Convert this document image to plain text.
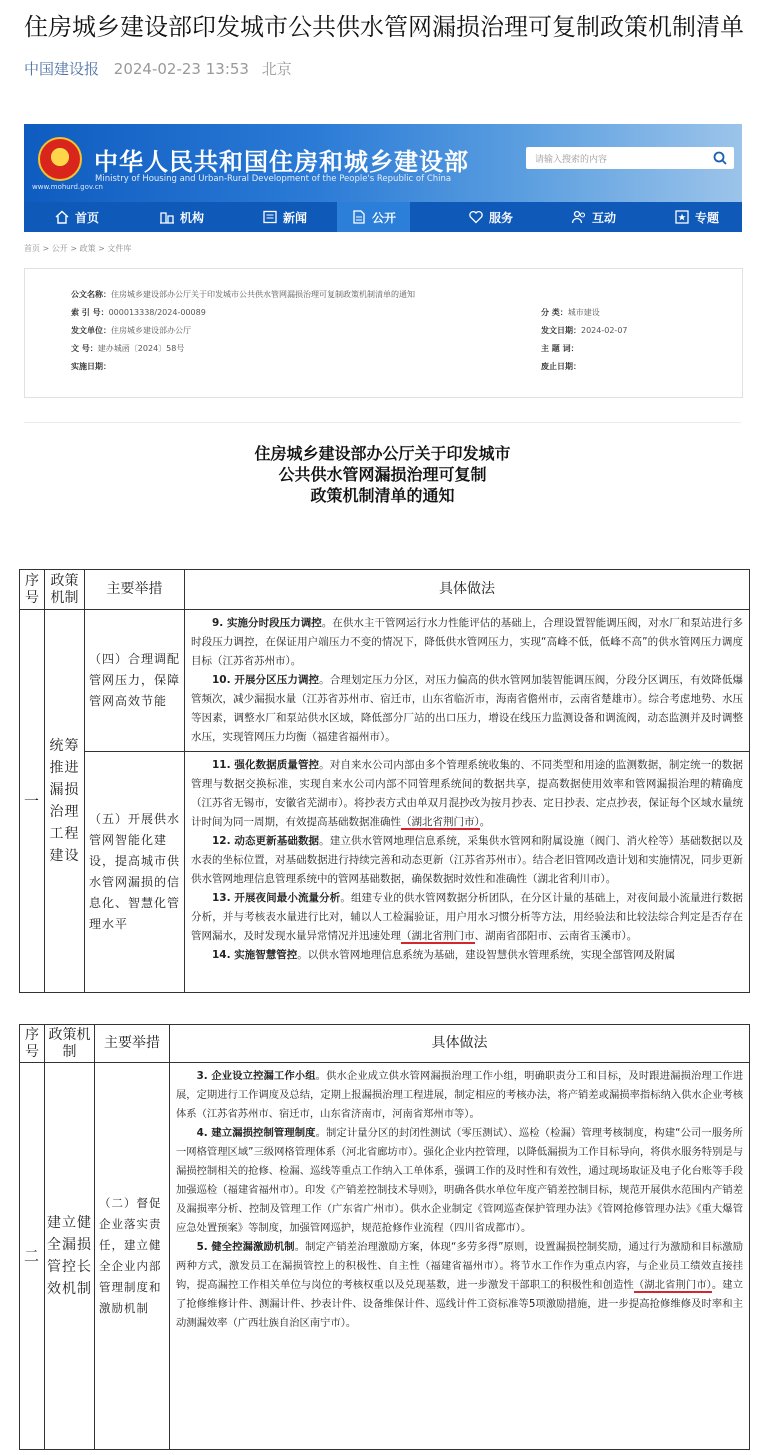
住房城乡建设部印发城市公共供水管网漏损治理可复制政策机制清单
中国建设报 2024-02-23 13:53 北京
www.mohurd.gov.cn
中华人民共和国住房和城乡建设部
Ministry of Housing and Urban-Rural Development of the People's Republic of China
请输入搜索的内容
首页	机构	新闻	公开	服务	互动	专题
首页 > 公开 > 政策 > 文件库
公文名称：住房城乡建设部办公厅关于印发城市公共供水管网漏损治理可复制政策机制清单的通知
索 引 号：000013338/2024-00089
发文单位：住房城乡建设部办公厅
文 号：建办城函〔2024〕58号
实施日期：
分 类：城市建设
发文日期：2024-02-07
主 题 词：
废止日期：
住房城乡建设部办公厅关于印发城市
公共供水管网漏损治理可复制
政策机制清单的通知
序号	政策机制	主要举措	具体做法
一	统筹推进漏损治理工程建设	（四）合理调配管网压力，保障管网高效节能	9. 实施分时段压力调控。在供水主干管网运行水力性能评估的基础上，合理设置智能调压阀，对水厂和泵站进行多时段压力调控，在保证用户端压力不变的情况下，降低供水管网压力，实现“高峰不低，低峰不高”的供水管网压力调度目标（江苏省苏州市）。

10. 开展分区压力调控。合理划定压力分区，对压力偏高的供水管网加装智能调压阀，分段分区调压，有效降低爆管频次，减少漏损水量（江苏省苏州市、宿迁市，山东省临沂市，海南省儋州市，云南省楚雄市）。综合考虑地势、水压等因素，调整水厂和泵站供水区域，降低部分厂站的出口压力，增设在线压力监测设备和调流阀，动态监测并及时调整水压，实现管网压力均衡（福建省福州市）。

		（五）开展供水管网智能化建设，提高城市供水管网漏损的信息化、智慧化管理水平	11. 强化数据质量管控。对自来水公司内部由多个管理系统收集的、不同类型和用途的监测数据，制定统一的数据管理与数据交换标准，实现自来水公司内部不同管理系统间的数据共享，提高数据使用效率和管网漏损治理的精确度（江苏省无锡市，安徽省芜湖市）。将抄表方式由单双月混抄改为按月抄表、定日抄表、定点抄表，保证每个区域水量统计时间为同一周期，有效提高基础数据准确性（湖北省荆门市）。

12. 动态更新基础数据。建立供水管网地理信息系统，采集供水管网和附属设施（阀门、消火栓等）基础数据以及水表的坐标位置，对基础数据进行持续完善和动态更新（江苏省苏州市）。结合老旧管网改造计划和实施情况，同步更新供水管网地理信息管理系统中的管网基础数据，确保数据时效性和准确性（湖北省利川市）。

13. 开展夜间最小流量分析。组建专业的供水管网数据分析团队，在分区计量的基础上，对夜间最小流量进行数据分析，并与考核表水量进行比对，辅以人工检漏验证，用户用水习惯分析等方法，用经验法和比较法综合判定是否存在管网漏水，及时发现水量异常情况并迅速处理（湖北省荆门市、湖南省邵阳市、云南省玉溪市）。

14. 实施智慧管控。以供水管网地理信息系统为基础，建设智慧供水管理系统，实现全部管网及附属

序号	政策机制	主要举措	具体做法
二	建立健全漏损管控长效机制	（二）督促企业落实责任，建立健全企业内部管理制度和激励机制	3. 企业设立控漏工作小组。供水企业成立供水管网漏损治理工作小组，明确职责分工和目标，及时跟进漏损治理工作进展，定期进行工作调度及总结，定期上报漏损治理工程进展，制定相应的考核办法，将产销差或漏损率指标纳入供水企业考核体系（江苏省苏州市、宿迁市，山东省济南市，河南省郑州市等）。

4. 建立漏损控制管理制度。制定计量分区的封闭性测试（零压测试）、巡检（检漏）管理考核制度，构建“公司一服务所一网格管理区域”三级网格管理体系（河北省廊坊市）。强化企业内控管理，以降低漏损为工作目标导向，将供水服务特别是与漏损控制相关的抢修、检漏、巡线等重点工作纳入工单体系，强调工作的及时性和有效性，通过现场取证及电子化台账等手段加强巡检（福建省福州市）。印发《产销差控制技术导则》，明确各供水单位年度产销差控制目标，规范开展供水范围内产销差及漏损率分析、控制及管理工作（广东省广州市）。供水企业制定《管网巡查保护管理办法》《管网抢修管理办法》《重大爆管应急处置预案》等制度，加强管网巡护，规范抢修作业流程（四川省成都市）。

5. 健全控漏激励机制。制定产销差治理激励方案，体现“多劳多得”原则，设置漏损控制奖励，通过行为激励和目标激励两种方式，激发员工在漏损管控上的积极性、自主性（福建省福州市）。将节水工作作为重点内容，与企业员工绩效直接挂钩，提高漏控工作相关单位与岗位的考核权重以及兑现基数，进一步激发干部职工的积极性和创造性（湖北省荆门市）。建立了抢修维修计件、测漏计件、抄表计件、设备维保计件、巡线计件工资标准等5项激励措施，进一步提高抢修维修及时率和主动测漏效率（广西壮族自治区南宁市）。
